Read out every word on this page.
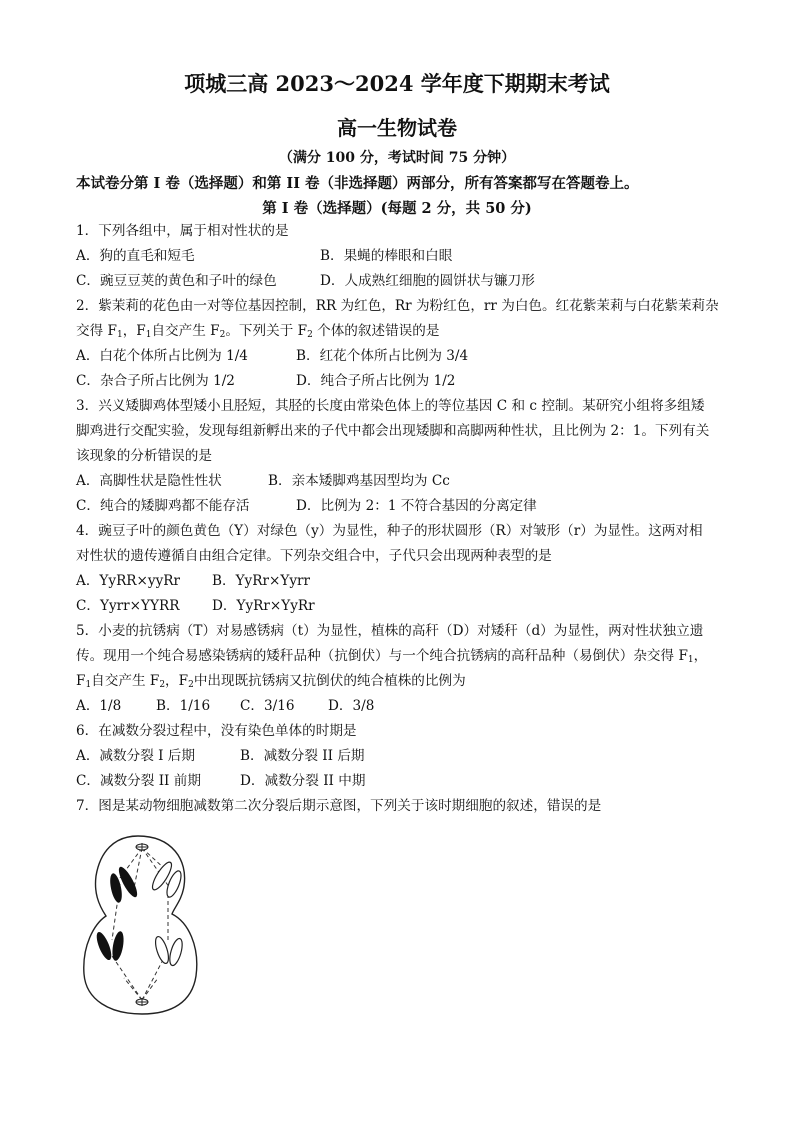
项城三高 2023～2024 学年度下期期末考试
高一生物试卷
（满分 100 分，考试时间 75 分钟）
本试卷分第 I 卷（选择题）和第 II 卷（非选择题）两部分，所有答案都写在答题卷上。
第 I 卷（选择题）(每题 2 分，共 50 分)
1．下列各组中，属于相对性状的是
A．狗的直毛和短毛	B．果蝇的棒眼和白眼
C．豌豆豆荚的黄色和子叶的绿色	D．人成熟红细胞的圆饼状与镰刀形
2．紫茉莉的花色由一对等位基因控制，RR 为红色，Rr 为粉红色，rr 为白色。红花紫茉莉与白花紫茉莉杂
交得 $F_1$，$F_1$自交产生 $F_2$。下列关于 $F_2$ 个体的叙述错误的是
A．白花个体所占比例为 1/4	B．红花个体所占比例为 3/4
C．杂合子所占比例为 1/2	D．纯合子所占比例为 1/2
3．兴义矮脚鸡体型矮小且胫短，其胫的长度由常染色体上的等位基因 C 和 c 控制。某研究小组将多组矮
脚鸡进行交配实验，发现每组新孵出来的子代中都会出现矮脚和高脚两种性状，且比例为 2：1。下列有关
该现象的分析错误的是
A．高脚性状是隐性性状	B．亲本矮脚鸡基因型均为 Cc
C．纯合的矮脚鸡都不能存活	D．比例为 2：1 不符合基因的分离定律
4．豌豆子叶的颜色黄色（Y）对绿色（y）为显性，种子的形状圆形（R）对皱形（r）为显性。这两对相
对性状的遗传遵循自由组合定律。下列杂交组合中，子代只会出现两种表型的是
A．YyRR×yyRr B．YyRr×Yyrr
C．Yyrr×YYRR D．YyRr×YyRr
5．小麦的抗锈病（T）对易感锈病（t）为显性，植株的高秆（D）对矮秆（d）为显性，两对性状独立遗
传。现用一个纯合易感染锈病的矮秆品种（抗倒伏）与一个纯合抗锈病的高秆品种（易倒伏）杂交得 $F_1$，
$F_1$自交产生 $F_2$，$F_2$中出现既抗锈病又抗倒伏的纯合植株的比例为
A．1/8	B．1/16 C．3/16 D．3/8
6．在减数分裂过程中，没有染色单体的时期是
A．减数分裂 I 后期	B．减数分裂 II 后期
C．减数分裂 II 前期	D．减数分裂 II 中期
7．图是某动物细胞减数第二次分裂后期示意图，下列关于该时期细胞的叙述，错误的是
